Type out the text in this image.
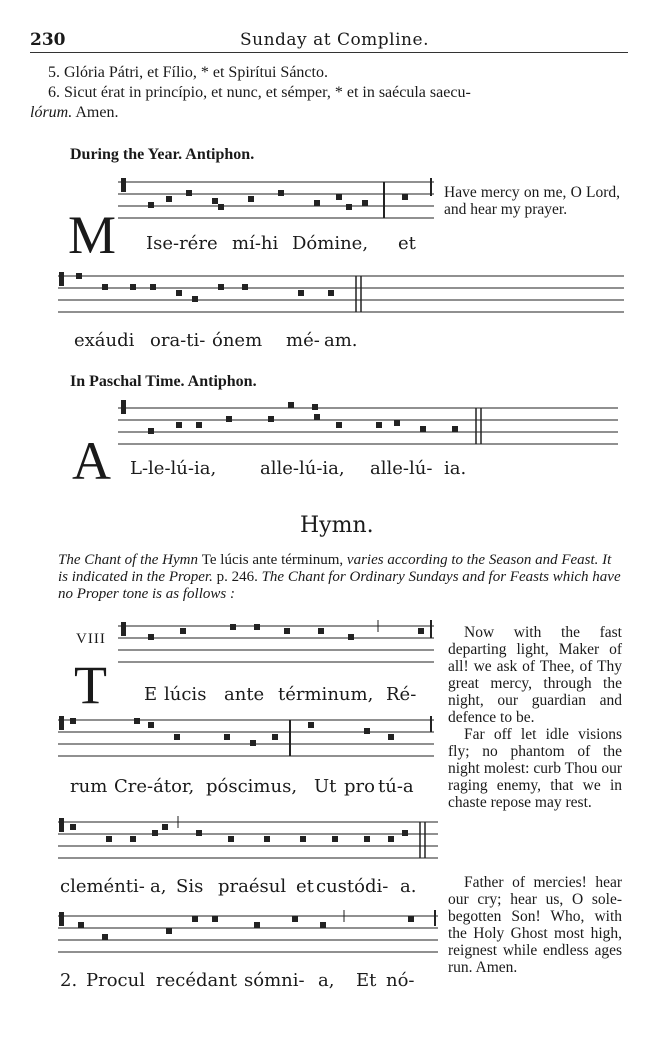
230	Sunday at Compline.
5. Glória Pátri, et Fílio, * et Spirítui Sáncto.
6. Sicut érat in princípio, et nunc, et sémper, * et in saécula saecu-
lórum. Amen.
During the Year. Antiphon.
M Ise-rére mí-hi Dómine, et
Have mercy on me, O Lord, and hear my prayer.
exáudi ora-ti- ónem mé- am.
In Paschal Time. Antiphon.
A L-le-lú-ia, alle-lú-ia, alle-lú- ia.
Hymn.
The Chant of the Hymn Te lúcis ante términum, varies according to the Season and Feast. It is indicated in the Proper. p. 246. The Chant for Ordinary Sundays and for Feasts which have no Proper tone is as follows :
VIII
T E lúcis ante términum, Ré-
rum Cre-átor, póscimus, Ut pro tú-a
cleménti- a, Sis praésul et custódi- a.
2. Procul recédant sómni- a, Et nó-
Now with the fast departing light, Maker of all! we ask of Thee, of Thy great mercy, through the night, our guardian and defence to be.
Far off let idle visions fly; no phantom of the night molest: curb Thou our raging enemy, that we in chaste repose may rest.
Father of mercies! hear our cry; hear us, O sole-begotten Son! Who, with the Holy Ghost most high, reignest while endless ages run. Amen.
